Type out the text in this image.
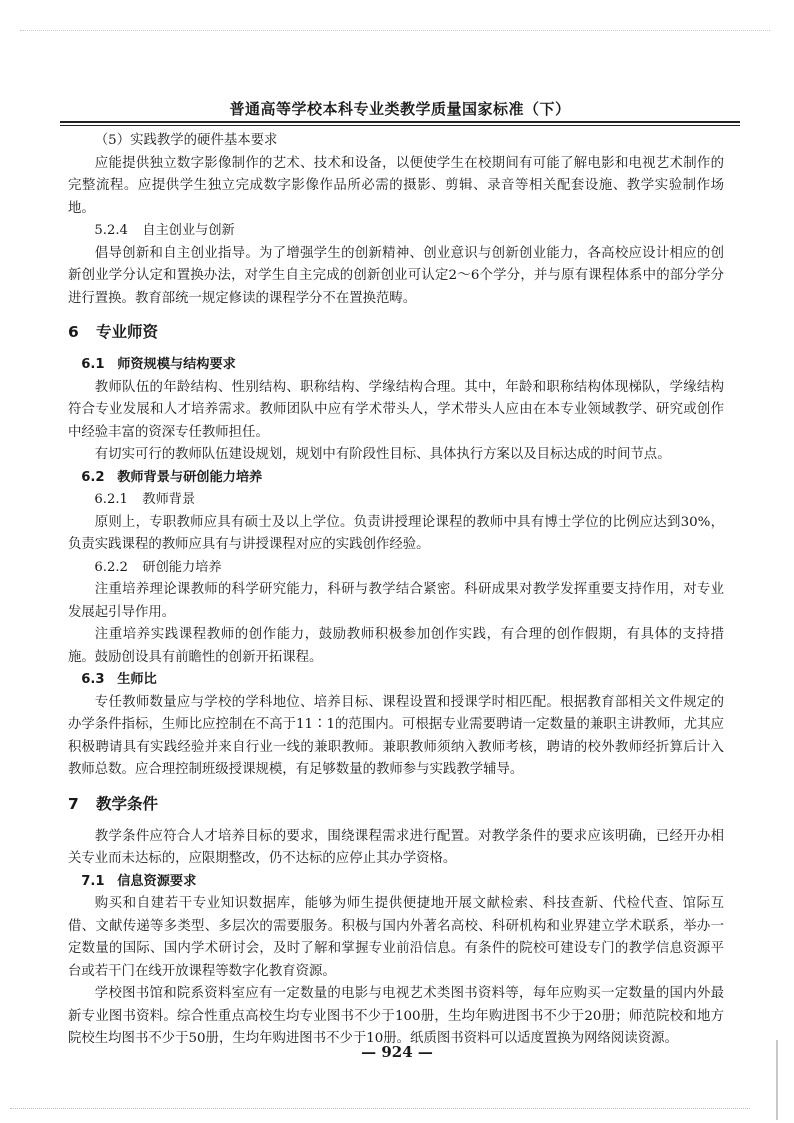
普通高等学校本科专业类教学质量国家标准（下）

（5）实践教学的硬件基本要求

应能提供独立数字影像制作的艺术、技术和设备，以便使学生在校期间有可能了解电影和电视艺术制作的完整流程。应提供学生独立完成数字影像作品所必需的摄影、剪辑、录音等相关配套设施、教学实验制作场地。

5.2.4 自主创业与创新

倡导创新和自主创业指导。为了增强学生的创新精神、创业意识与创新创业能力，各高校应设计相应的创新创业学分认定和置换办法，对学生自主完成的创新创业可认定2～6个学分，并与原有课程体系中的部分学分进行置换。教育部统一规定修读的课程学分不在置换范畴。

6 专业师资
6.1 师资规模与结构要求

教师队伍的年龄结构、性别结构、职称结构、学缘结构合理。其中，年龄和职称结构体现梯队，学缘结构符合专业发展和人才培养需求。教师团队中应有学术带头人，学术带头人应由在本专业领域教学、研究或创作中经验丰富的资深专任教师担任。

有切实可行的教师队伍建设规划，规划中有阶段性目标、具体执行方案以及目标达成的时间节点。

6.2 教师背景与研创能力培养
6.2.1 教师背景

原则上，专职教师应具有硕士及以上学位。负责讲授理论课程的教师中具有博士学位的比例应达到30%，负责实践课程的教师应具有与讲授课程对应的实践创作经验。

6.2.2 研创能力培养

注重培养理论课教师的科学研究能力，科研与教学结合紧密。科研成果对教学发挥重要支持作用，对专业发展起引导作用。

注重培养实践课程教师的创作能力，鼓励教师积极参加创作实践，有合理的创作假期，有具体的支持措施。鼓励创设具有前瞻性的创新开拓课程。

6.3 生师比

专任教师数量应与学校的学科地位、培养目标、课程设置和授课学时相匹配。根据教育部相关文件规定的办学条件指标，生师比应控制在不高于11∶1的范围内。可根据专业需要聘请一定数量的兼职主讲教师，尤其应积极聘请具有实践经验并来自行业一线的兼职教师。兼职教师须纳入教师考核，聘请的校外教师经折算后计入教师总数。应合理控制班级授课规模，有足够数量的教师参与实践教学辅导。

7 教学条件

教学条件应符合人才培养目标的要求，围绕课程需求进行配置。对教学条件的要求应该明确，已经开办相关专业而未达标的，应限期整改，仍不达标的应停止其办学资格。

7.1 信息资源要求

购买和自建若干专业知识数据库，能够为师生提供便捷地开展文献检索、科技查新、代检代查、馆际互借、文献传递等多类型、多层次的需要服务。积极与国内外著名高校、科研机构和业界建立学术联系，举办一定数量的国际、国内学术研讨会，及时了解和掌握专业前沿信息。有条件的院校可建设专门的教学信息资源平台或若干门在线开放课程等数字化教育资源。

学校图书馆和院系资料室应有一定数量的电影与电视艺术类图书资料等，每年应购买一定数量的国内外最新专业图书资料。综合性重点高校生均专业图书不少于100册，生均年购进图书不少于20册；师范院校和地方院校生均图书不少于50册，生均年购进图书不少于10册。纸质图书资料可以适度置换为网络阅读资源。

— 924 —
